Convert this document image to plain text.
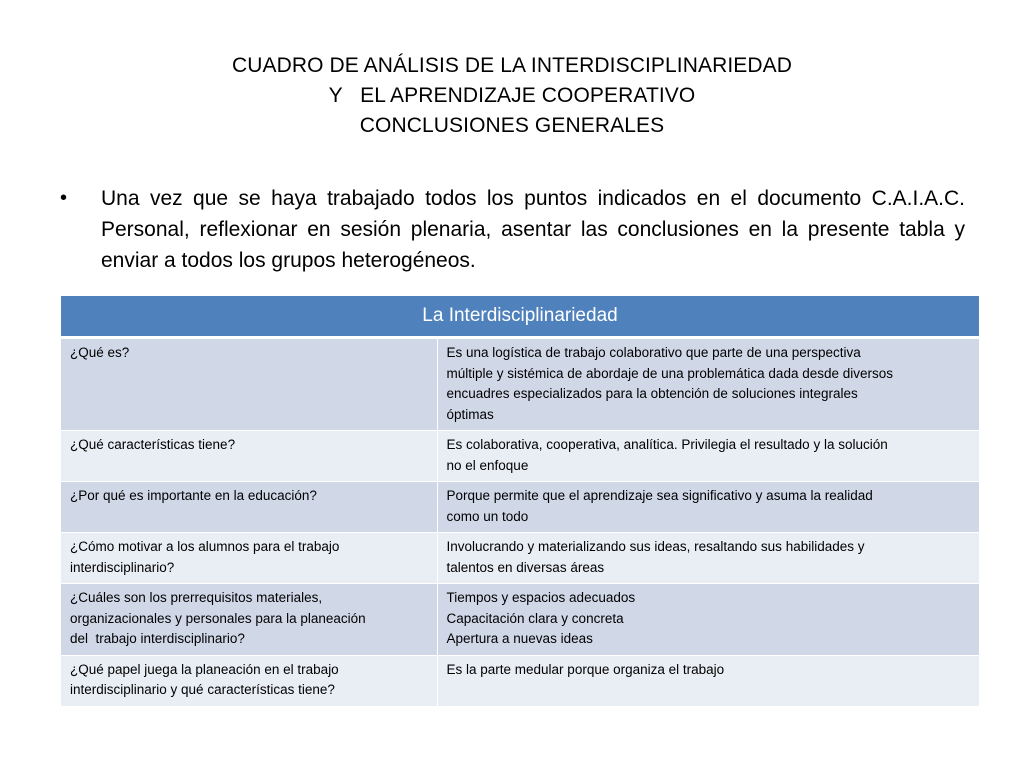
CUADRO DE ANÁLISIS DE LA INTERDISCIPLINARIEDAD
Y   EL APRENDIZAJE COOPERATIVO
CONCLUSIONES GENERALES
•	Una vez que se haya trabajado todos los puntos indicados en el documento C.A.I.A.C. Personal, reflexionar en sesión plenaria, asentar las conclusiones en la presente tabla y enviar a todos los grupos heterogéneos.
La Interdisciplinariedad	

¿Qué es?	Es una logística de trabajo colaborativo que parte de una perspectiva
múltiple y sistémica de abordaje de una problemática dada desde diversos
encuadres especializados para la obtención de soluciones integrales
óptimas

¿Qué características tiene?	Es colaborativa, cooperativa, analítica. Privilegia el resultado y la solución
no el enfoque

¿Por qué es importante en la educación?	Porque permite que el aprendizaje sea significativo y asuma la realidad
como un todo

¿Cómo motivar a los alumnos para el trabajo
interdisciplinario?	Involucrando y materializando sus ideas, resaltando sus habilidades y
talentos en diversas áreas

¿Cuáles son los prerrequisitos materiales,
organizacionales y personales para la planeación
del  trabajo interdisciplinario?	Tiempos y espacios adecuados
Capacitación clara y concreta
Apertura a nuevas ideas

¿Qué papel juega la planeación en el trabajo
interdisciplinario y qué características tiene?	Es la parte medular porque organiza el trabajo
